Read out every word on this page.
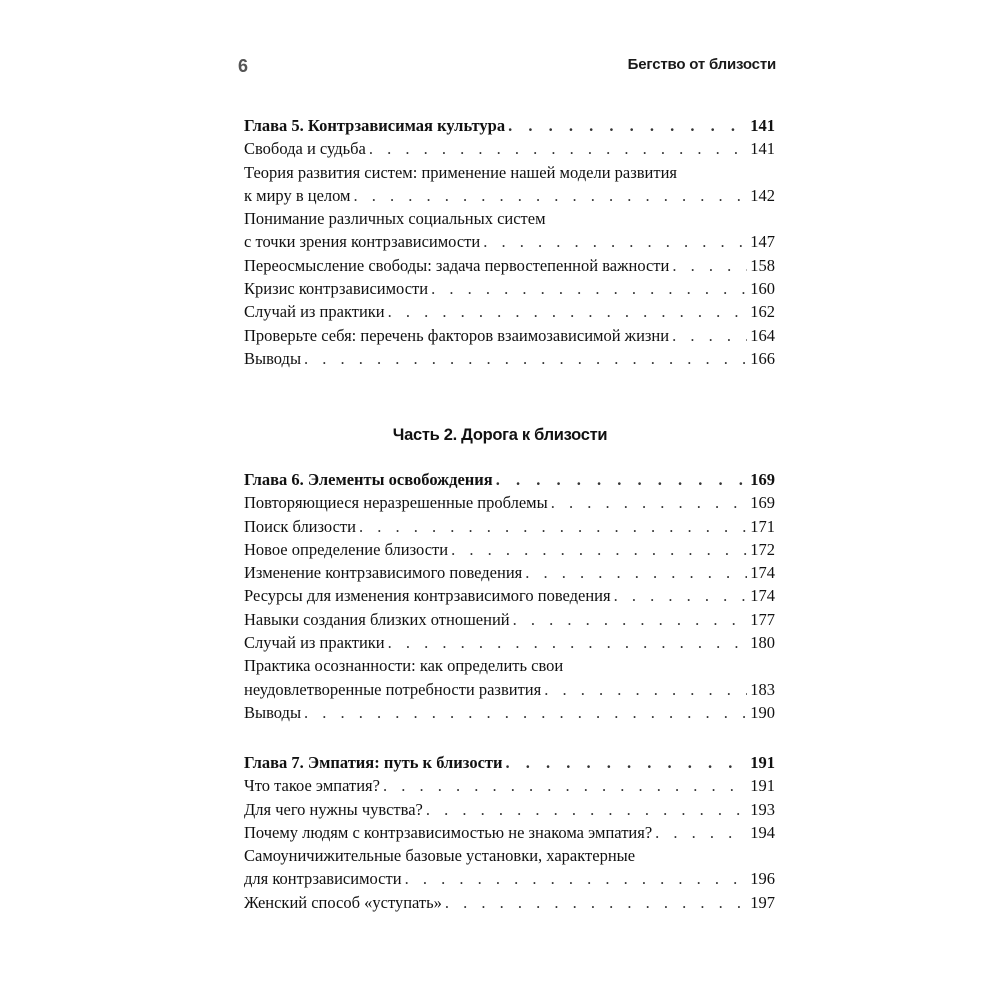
6	Бегство от близости
Глава 5. Контрзависимая культура . . .	141
Свобода и судьба . . .	141
Теория развития систем: применение нашей модели развития
к миру в целом . . .	142
Понимание различных социальных систем
с точки зрения контрзависимости . . .	147
Переосмысление свободы: задача первостепенной важности . . .	158
Кризис контрзависимости . . .	160
Случай из практики . . .	162
Проверьте себя: перечень факторов взаимозависимой жизни . . .	164
Выводы . . .	166
Часть 2. Дорога к близости
Глава 6. Элементы освобождения . . .	169
Повторяющиеся неразрешенные проблемы . . .	169
Поиск близости . . .	171
Новое определение близости . . .	172
Изменение контрзависимого поведения . . .	174
Ресурсы для изменения контрзависимого поведения . . .	174
Навыки создания близких отношений . . .	177
Случай из практики . . .	180
Практика осознанности: как определить свои
неудовлетворенные потребности развития . . .	183
Выводы . . .	190
Глава 7. Эмпатия: путь к близости . . .	191
Что такое эмпатия? . . .	191
Для чего нужны чувства? . . .	193
Почему людям с контрзависимостью не знакома эмпатия? . . .	194
Самоуничижительные базовые установки, характерные
для контрзависимости . . .	196
Женский способ «уступать» . . .	197
